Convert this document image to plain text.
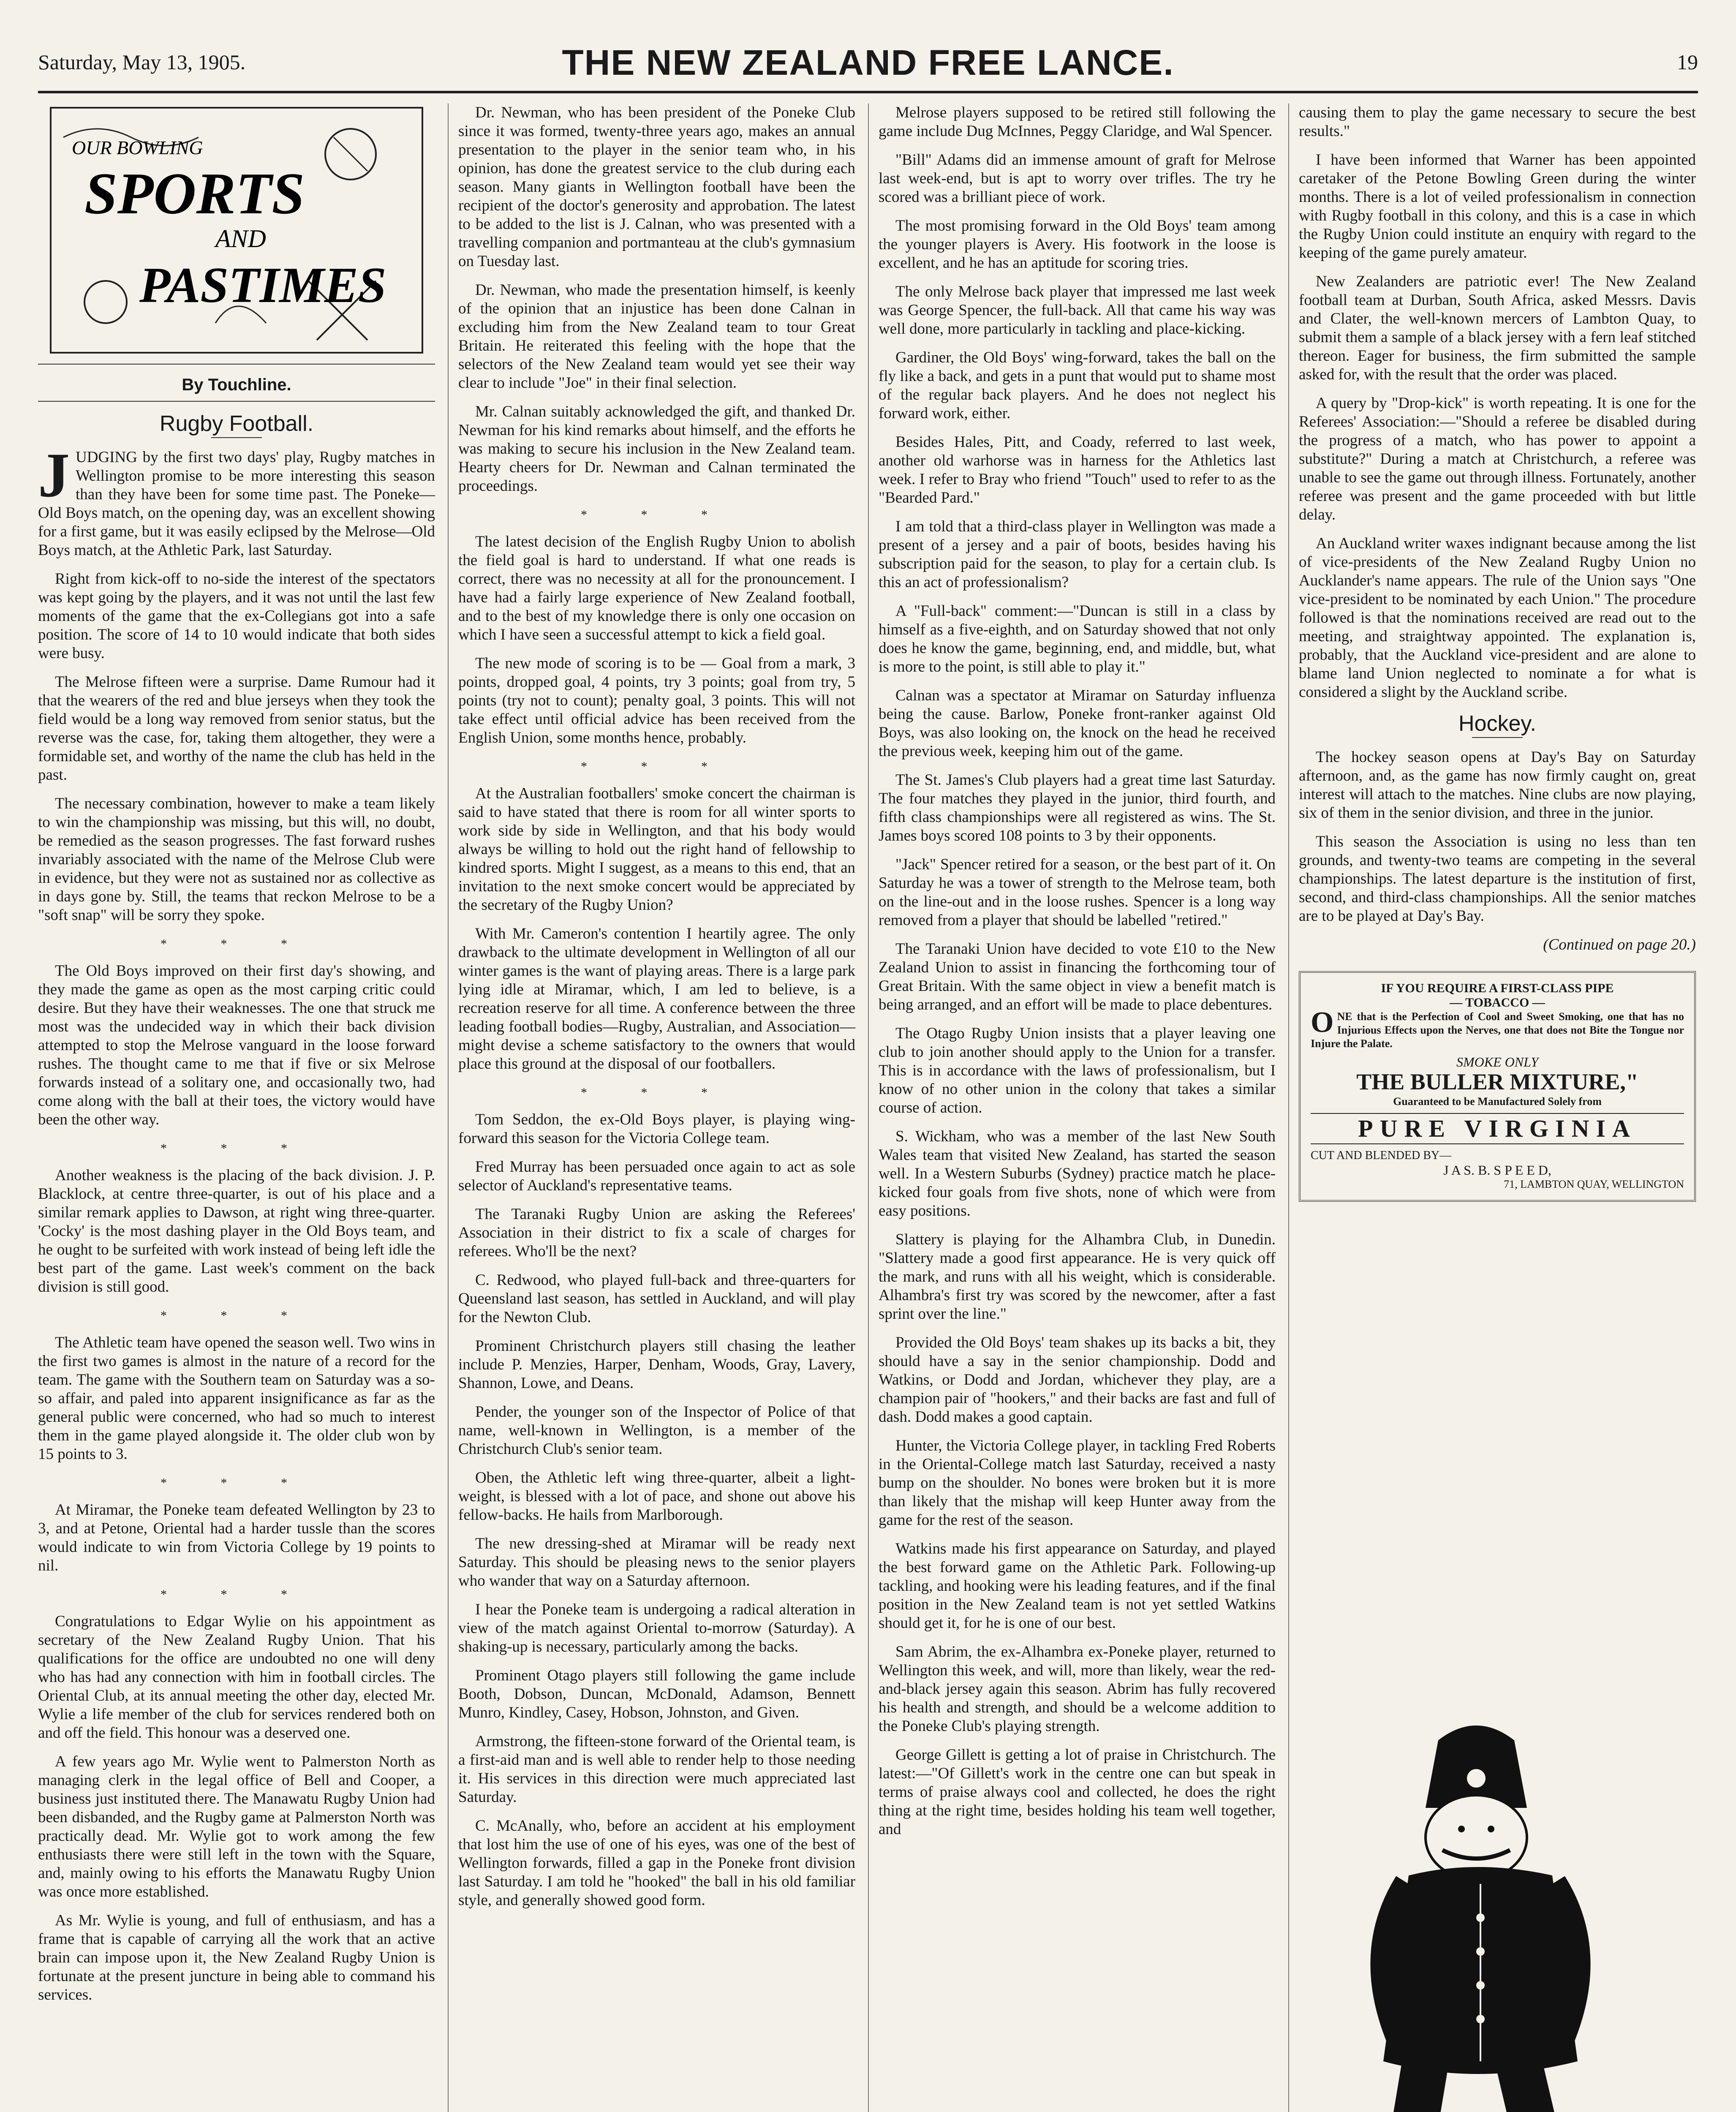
Saturday, May 13, 1905.	THE NEW ZEALAND FREE LANCE.	19
OUR BOWLING
SPORTS
AND
PASTIMES
By Touchline.
Rugby Football.

JUDGING by the first two days' play, Rugby matches in Wellington promise to be more interesting this season than they have been for some time past. The Poneke—Old Boys match, on the opening day, was an excellent showing for a first game, but it was easily eclipsed by the Melrose—Old Boys match, at the Athletic Park, last Saturday.

Right from kick-off to no-side the interest of the spectators was kept going by the players, and it was not until the last few moments of the game that the ex-Collegians got into a safe position. The score of 14 to 10 would indicate that both sides were busy.

The Melrose fifteen were a surprise. Dame Rumour had it that the wearers of the red and blue jerseys when they took the field would be a long way removed from senior status, but the reverse was the case, for, taking them altogether, they were a formidable set, and worthy of the name the club has held in the past.

The necessary combination, however to make a team likely to win the championship was missing, but this will, no doubt, be remedied as the season progresses. The fast forward rushes invariably associated with the name of the Melrose Club were in evidence, but they were not as sustained nor as collective as in days gone by. Still, the teams that reckon Melrose to be a "soft snap" will be sorry they spoke.

* * *

The Old Boys improved on their first day's showing, and they made the game as open as the most carping critic could desire. But they have their weaknesses. The one that struck me most was the undecided way in which their back division attempted to stop the Melrose vanguard in the loose forward rushes. The thought came to me that if five or six Melrose forwards instead of a solitary one, and occasionally two, had come along with the ball at their toes, the victory would have been the other way.

* * *

Another weakness is the placing of the back division. J. P. Blacklock, at centre three-quarter, is out of his place and a similar remark applies to Dawson, at right wing three-quarter. 'Cocky' is the most dashing player in the Old Boys team, and he ought to be surfeited with work instead of being left idle the best part of the game. Last week's comment on the back division is still good.

* * *

The Athletic team have opened the season well. Two wins in the first two games is almost in the nature of a record for the team. The game with the Southern team on Saturday was a so-so affair, and paled into apparent insignificance as far as the general public were concerned, who had so much to interest them in the game played alongside it. The older club won by 15 points to 3.

* * *

At Miramar, the Poneke team defeated Wellington by 23 to 3, and at Petone, Oriental had a harder tussle than the scores would indicate to win from Victoria College by 19 points to nil.

* * *

Congratulations to Edgar Wylie on his appointment as secretary of the New Zealand Rugby Union. That his qualifications for the office are undoubted no one will deny who has had any connection with him in football circles. The Oriental Club, at its annual meeting the other day, elected Mr. Wylie a life member of the club for services rendered both on and off the field. This honour was a deserved one.

A few years ago Mr. Wylie went to Palmerston North as managing clerk in the legal office of Bell and Cooper, a business just instituted there. The Manawatu Rugby Union had been disbanded, and the Rugby game at Palmerston North was practically dead. Mr. Wylie got to work among the few enthusiasts there were still left in the town with the Square, and, mainly owing to his efforts the Manawatu Rugby Union was once more established.

As Mr. Wylie is young, and full of enthusiasm, and has a frame that is capable of carrying all the work that an active brain can impose upon it, the New Zealand Rugby Union is fortunate at the present juncture in being able to command his services.

Dr. Newman, who has been president of the Poneke Club since it was formed, twenty-three years ago, makes an annual presentation to the player in the senior team who, in his opinion, has done the greatest service to the club during each season. Many giants in Wellington football have been the recipient of the doctor's generosity and approbation. The latest to be added to the list is J. Calnan, who was presented with a travelling companion and portmanteau at the club's gymnasium on Tuesday last.

Dr. Newman, who made the presentation himself, is keenly of the opinion that an injustice has been done Calnan in excluding him from the New Zealand team to tour Great Britain. He reiterated this feeling with the hope that the selectors of the New Zealand team would yet see their way clear to include "Joe" in their final selection.

Mr. Calnan suitably acknowledged the gift, and thanked Dr. Newman for his kind remarks about himself, and the efforts he was making to secure his inclusion in the New Zealand team. Hearty cheers for Dr. Newman and Calnan terminated the proceedings.

* * *

The latest decision of the English Rugby Union to abolish the field goal is hard to understand. If what one reads is correct, there was no necessity at all for the pronouncement. I have had a fairly large experience of New Zealand football, and to the best of my knowledge there is only one occasion on which I have seen a successful attempt to kick a field goal.

The new mode of scoring is to be — Goal from a mark, 3 points, dropped goal, 4 points, try 3 points; goal from try, 5 points (try not to count); penalty goal, 3 points. This will not take effect until official advice has been received from the English Union, some months hence, probably.

* * *

At the Australian footballers' smoke concert the chairman is said to have stated that there is room for all winter sports to work side by side in Wellington, and that his body would always be willing to hold out the right hand of fellowship to kindred sports. Might I suggest, as a means to this end, that an invitation to the next smoke concert would be appreciated by the secretary of the Rugby Union?

With Mr. Cameron's contention I heartily agree. The only drawback to the ultimate development in Wellington of all our winter games is the want of playing areas. There is a large park lying idle at Miramar, which, I am led to believe, is a recreation reserve for all time. A conference between the three leading football bodies—Rugby, Australian, and Association—might devise a scheme satisfactory to the owners that would place this ground at the disposal of our footballers.

* * *

Tom Seddon, the ex-Old Boys player, is playing wing-forward this season for the Victoria College team.

Fred Murray has been persuaded once again to act as sole selector of Auckland's representative teams.

The Taranaki Rugby Union are asking the Referees' Association in their district to fix a scale of charges for referees. Who'll be the next?

C. Redwood, who played full-back and three-quarters for Queensland last season, has settled in Auckland, and will play for the Newton Club.

Prominent Christchurch players still chasing the leather include P. Menzies, Harper, Denham, Woods, Gray, Lavery, Shannon, Lowe, and Deans.

Pender, the younger son of the Inspector of Police of that name, well-known in Wellington, is a member of the Christchurch Club's senior team.

Oben, the Athletic left wing three-quarter, albeit a light-weight, is blessed with a lot of pace, and shone out above his fellow-backs. He hails from Marlborough.

The new dressing-shed at Miramar will be ready next Saturday. This should be pleasing news to the senior players who wander that way on a Saturday afternoon.

I hear the Poneke team is undergoing a radical alteration in view of the match against Oriental to-morrow (Saturday). A shaking-up is necessary, particularly among the backs.

Prominent Otago players still following the game include Booth, Dobson, Duncan, McDonald, Adamson, Bennett Munro, Kindley, Casey, Hobson, Johnston, and Given.

Armstrong, the fifteen-stone forward of the Oriental team, is a first-aid man and is well able to render help to those needing it. His services in this direction were much appreciated last Saturday.

C. McAnally, who, before an accident at his employment that lost him the use of one of his eyes, was one of the best of Wellington forwards, filled a gap in the Poneke front division last Saturday. I am told he "hooked" the ball in his old familiar style, and generally showed good form.

Melrose players supposed to be retired still following the game include Dug McInnes, Peggy Claridge, and Wal Spencer.

"Bill" Adams did an immense amount of graft for Melrose last week-end, but is apt to worry over trifles. The try he scored was a brilliant piece of work.

The most promising forward in the Old Boys' team among the younger players is Avery. His footwork in the loose is excellent, and he has an aptitude for scoring tries.

The only Melrose back player that impressed me last week was George Spencer, the full-back. All that came his way was well done, more particularly in tackling and place-kicking.

Gardiner, the Old Boys' wing-forward, takes the ball on the fly like a back, and gets in a punt that would put to shame most of the regular back players. And he does not neglect his forward work, either.

Besides Hales, Pitt, and Coady, referred to last week, another old warhorse was in harness for the Athletics last week. I refer to Bray who friend "Touch" used to refer to as the "Bearded Pard."

I am told that a third-class player in Wellington was made a present of a jersey and a pair of boots, besides having his subscription paid for the season, to play for a certain club. Is this an act of professionalism?

A "Full-back" comment:—"Duncan is still in a class by himself as a five-eighth, and on Saturday showed that not only does he know the game, beginning, end, and middle, but, what is more to the point, is still able to play it."

Calnan was a spectator at Miramar on Saturday influenza being the cause. Barlow, Poneke front-ranker against Old Boys, was also looking on, the knock on the head he received the previous week, keeping him out of the game.

The St. James's Club players had a great time last Saturday. The four matches they played in the junior, third fourth, and fifth class championships were all registered as wins. The St. James boys scored 108 points to 3 by their opponents.

"Jack" Spencer retired for a season, or the best part of it. On Saturday he was a tower of strength to the Melrose team, both on the line-out and in the loose rushes. Spencer is a long way removed from a player that should be labelled "retired."

The Taranaki Union have decided to vote £10 to the New Zealand Union to assist in financing the forthcoming tour of Great Britain. With the same object in view a benefit match is being arranged, and an effort will be made to place debentures.

The Otago Rugby Union insists that a player leaving one club to join another should apply to the Union for a transfer. This is in accordance with the laws of professionalism, but I know of no other union in the colony that takes a similar course of action.

S. Wickham, who was a member of the last New South Wales team that visited New Zealand, has started the season well. In a Western Suburbs (Sydney) practice match he place-kicked four goals from five shots, none of which were from easy positions.

Slattery is playing for the Alhambra Club, in Dunedin. "Slattery made a good first appearance. He is very quick off the mark, and runs with all his weight, which is considerable. Alhambra's first try was scored by the newcomer, after a fast sprint over the line."

Provided the Old Boys' team shakes up its backs a bit, they should have a say in the senior championship. Dodd and Watkins, or Dodd and Jordan, whichever they play, are a champion pair of "hookers," and their backs are fast and full of dash. Dodd makes a good captain.

Hunter, the Victoria College player, in tackling Fred Roberts in the Oriental-College match last Saturday, received a nasty bump on the shoulder. No bones were broken but it is more than likely that the mishap will keep Hunter away from the game for the rest of the season.

Watkins made his first appearance on Saturday, and played the best forward game on the Athletic Park. Following-up tackling, and hooking were his leading features, and if the final position in the New Zealand team is not yet settled Watkins should get it, for he is one of our best.

Sam Abrim, the ex-Alhambra ex-Poneke player, returned to Wellington this week, and will, more than likely, wear the red-and-black jersey again this season. Abrim has fully recovered his health and strength, and should be a welcome addition to the Poneke Club's playing strength.

George Gillett is getting a lot of praise in Christchurch. The latest:—"Of Gillett's work in the centre one can but speak in terms of praise always cool and collected, he does the right thing at the right time, besides holding his team well together, and

causing them to play the game necessary to secure the best results."

I have been informed that Warner has been appointed caretaker of the Petone Bowling Green during the winter months. There is a lot of veiled professionalism in connection with Rugby football in this colony, and this is a case in which the Rugby Union could institute an enquiry with regard to the keeping of the game purely amateur.

New Zealanders are patriotic ever! The New Zealand football team at Durban, South Africa, asked Messrs. Davis and Clater, the well-known mercers of Lambton Quay, to submit them a sample of a black jersey with a fern leaf stitched thereon. Eager for business, the firm submitted the sample asked for, with the result that the order was placed.

A query by "Drop-kick" is worth repeating. It is one for the Referees' Association:—"Should a referee be disabled during the progress of a match, who has power to appoint a substitute?" During a match at Christchurch, a referee was unable to see the game out through illness. Fortunately, another referee was present and the game proceeded with but little delay.

An Auckland writer waxes indignant because among the list of vice-presidents of the New Zealand Rugby Union no Aucklander's name appears. The rule of the Union says "One vice-president to be nominated by each Union." The procedure followed is that the nominations received are read out to the meeting, and straightway appointed. The explanation is, probably, that the Auckland vice-president and are alone to blame land Union neglected to nominate a for what is considered a slight by the Auckland scribe.

Hockey.

The hockey season opens at Day's Bay on Saturday afternoon, and, as the game has now firmly caught on, great interest will attach to the matches. Nine clubs are now playing, six of them in the senior division, and three in the junior.

This season the Association is using no less than ten grounds, and twenty-two teams are competing in the several championships. The latest departure is the institution of first, second, and third-class championships. All the senior matches are to be played at Day's Bay.

(Continued on page 20.)
IF YOU REQUIRE A FIRST-CLASS PIPE
— TOBACCO —
ONE that is the Perfection of Cool and Sweet Smoking, one that has no Injurious Effects upon the Nerves, one that does not Bite the Tongue nor Injure the Palate.
SMOKE ONLY
THE BULLER MIXTURE,"
Guaranteed to be Manufactured Solely from
PURE VIRGINIA
CUT AND BLENDED BY—
J A S. B. S P E E D,
71, LAMBTON QUAY, WELLINGTON
